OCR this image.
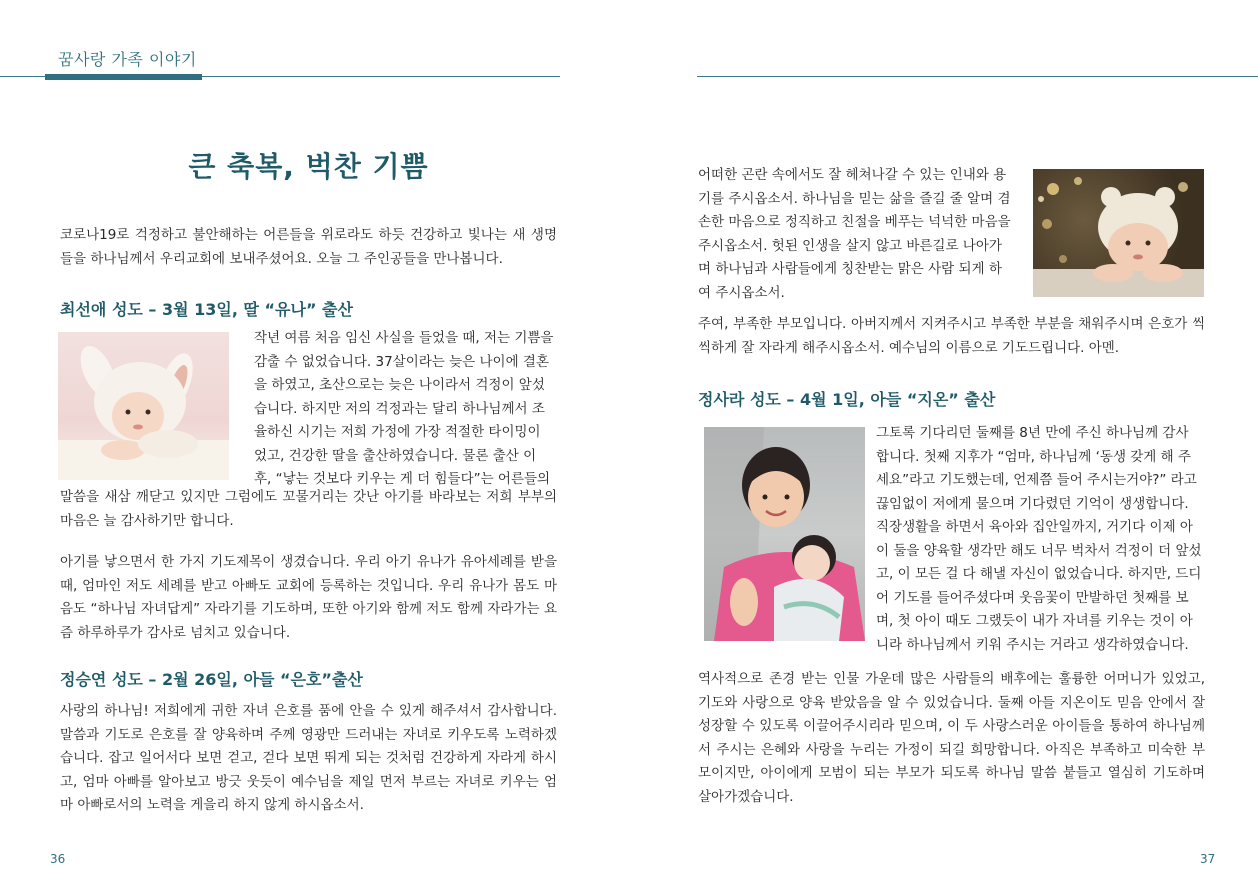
꿈사랑 가족 이야기
큰 축복, 벅찬 기쁨

코로나19로 걱정하고 불안해하는 어른들을 위로라도 하듯 건강하고 빛나는 새 생명들을 하나님께서 우리교회에 보내주셨어요. 오늘 그 주인공들을 만나봅니다.

최선애 성도 – 3월 13일, 딸 “유나” 출산
작년 여름 처음 임신 사실을 들었을 때, 저는 기쁨을
감출 수 없었습니다. 37살이라는 늦은 나이에 결혼
을 하였고, 초산으로는 늦은 나이라서 걱정이 앞섰
습니다. 하지만 저의 걱정과는 달리 하나님께서 조
율하신 시기는 저희 가정에 가장 적절한 타이밍이
었고, 건강한 딸을 출산하였습니다. 물론 출산 이
후, “낳는 것보다 키우는 게 더 힘들다”는 어른들의

말씀을 새삼 깨닫고 있지만 그럼에도 꼬물거리는 갓난 아기를 바라보는 저희 부부의 마음은 늘 감사하기만 합니다.

아기를 낳으면서 한 가지 기도제목이 생겼습니다. 우리 아기 유나가 유아세례를 받을 때, 엄마인 저도 세례를 받고 아빠도 교회에 등록하는 것입니다. 우리 유나가 몸도 마음도 “하나님 자녀답게” 자라기를 기도하며, 또한 아기와 함께 저도 함께 자라가는 요즘 하루하루가 감사로 넘치고 있습니다.

정승연 성도 – 2월 26일, 아들 “은호”출산

사랑의 하나님! 저희에게 귀한 자녀 은호를 품에 안을 수 있게 해주셔서 감사합니다. 말씀과 기도로 은호를 잘 양육하며 주께 영광만 드러내는 자녀로 키우도록 노력하겠습니다. 잡고 일어서다 보면 걷고, 걷다 보면 뛰게 되는 것처럼 건강하게 자라게 하시고, 엄마 아빠를 알아보고 방긋 웃듯이 예수님을 제일 먼저 부르는 자녀로 키우는 엄마 아빠로서의 노력을 게을리 하지 않게 하시옵소서.

어떠한 곤란 속에서도 잘 헤쳐나갈 수 있는 인내와 용
기를 주시옵소서. 하나님을 믿는 삶을 즐길 줄 알며 겸
손한 마음으로 정직하고 친절을 베푸는 넉넉한 마음을
주시옵소서. 헛된 인생을 살지 않고 바른길로 나아가
며 하나님과 사람들에게 칭찬받는 맑은 사람 되게 하
여 주시옵소서.

주여, 부족한 부모입니다. 아버지께서 지켜주시고 부족한 부분을 채워주시며 은호가 씩씩하게 잘 자라게 해주시옵소서. 예수님의 이름으로 기도드립니다. 아멘.

정사라 성도 – 4월 1일, 아들 “지온” 출산
그토록 기다리던 둘째를 8년 만에 주신 하나님께 감사
합니다. 첫째 지후가 “엄마, 하나님께 ‘동생 갖게 해 주
세요”라고 기도했는데, 언제쯤 들어 주시는거야?” 라고
끊임없이 저에게 물으며 기다렸던 기억이 생생합니다.
직장생활을 하면서 육아와 집안일까지, 거기다 이제 아
이 둘을 양육할 생각만 해도 너무 벅차서 걱정이 더 앞섰
고, 이 모든 걸 다 해낼 자신이 없었습니다. 하지만, 드디
어 기도를 들어주셨다며 웃음꽃이 만발하던 첫째를 보
며, 첫 아이 때도 그랬듯이 내가 자녀를 키우는 것이 아
니라 하나님께서 키워 주시는 거라고 생각하였습니다.

역사적으로 존경 받는 인물 가운데 많은 사람들의 배후에는 훌륭한 어머니가 있었고, 기도와 사랑으로 양육 받았음을 알 수 있었습니다. 둘째 아들 지온이도 믿음 안에서 잘 성장할 수 있도록 이끌어주시리라 믿으며, 이 두 사랑스러운 아이들을 통하여 하나님께서 주시는 은혜와 사랑을 누리는 가정이 되길 희망합니다. 아직은 부족하고 미숙한 부모이지만, 아이에게 모범이 되는 부모가 되도록 하나님 말씀 붙들고 열심히 기도하며 살아가겠습니다.

36	37
